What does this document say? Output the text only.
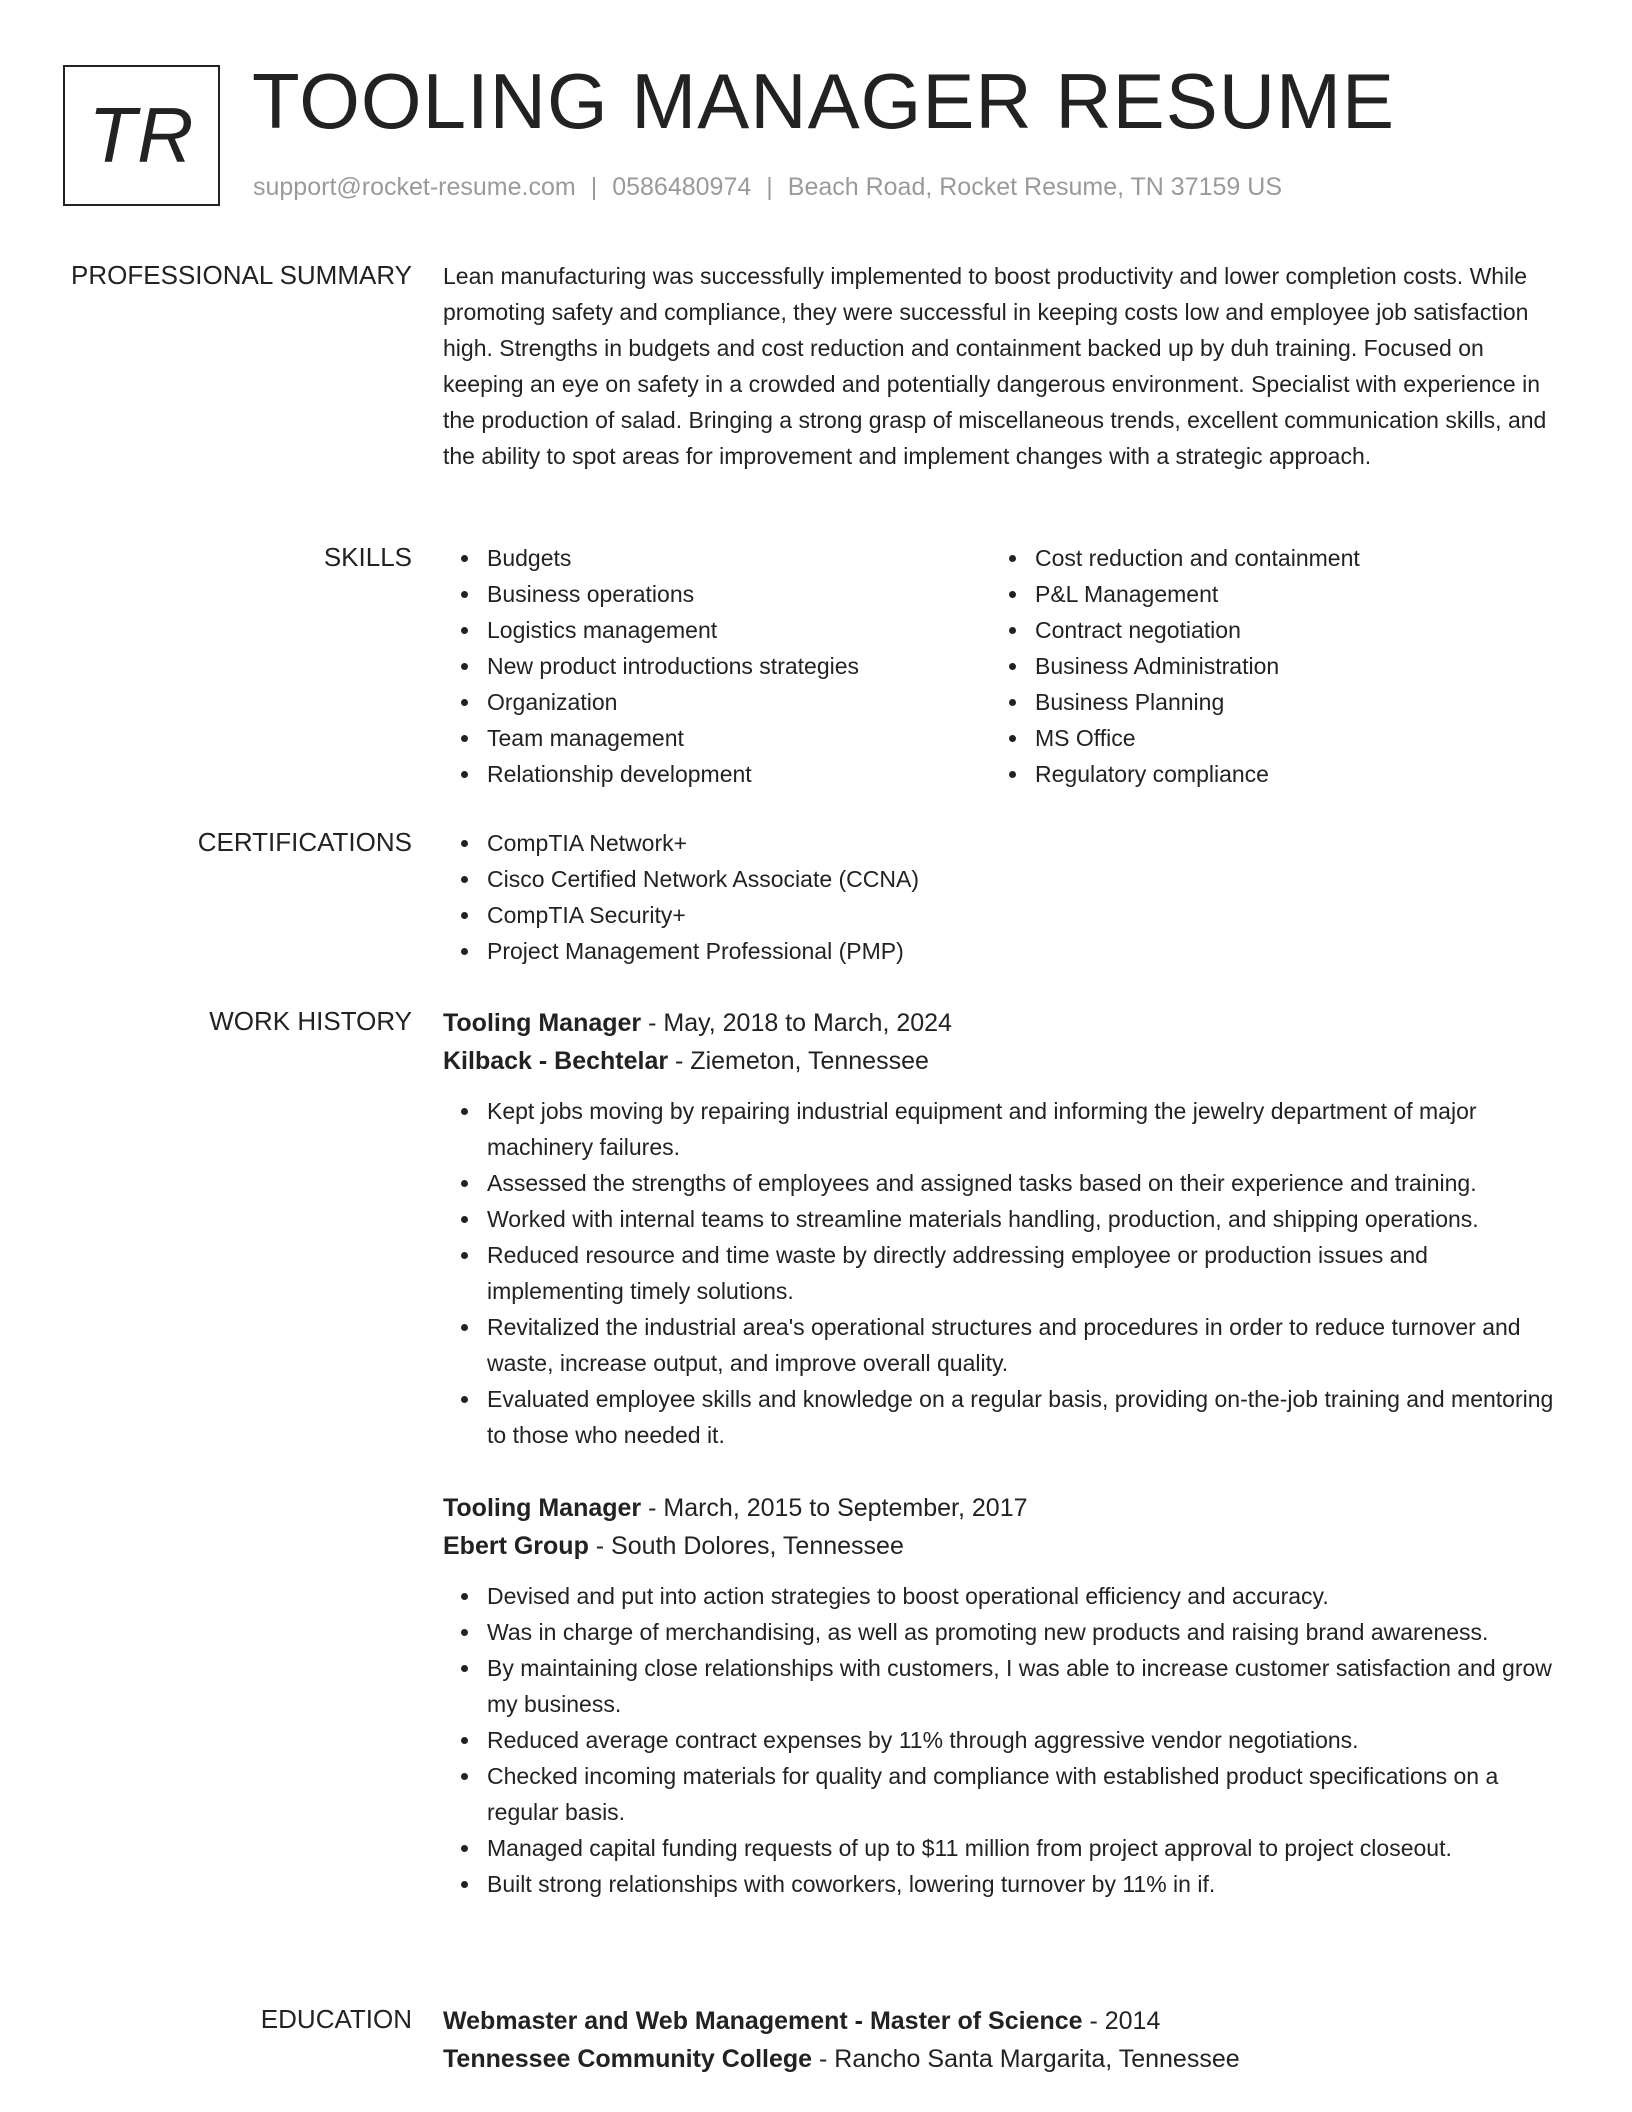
TR TOOLING MANAGER RESUME
support@rocket-resume.com | 0586480974 | Beach Road, Rocket Resume, TN 37159 US
PROFESSIONAL SUMMARY Lean manufacturing was successfully implemented to boost productivity and lower completion costs. While promoting safety and compliance, they were successful in keeping costs low and employee job satisfaction high. Strengths in budgets and cost reduction and containment backed up by duh training. Focused on keeping an eye on safety in a crowded and potentially dangerous environment. Specialist with experience in the production of salad. Bringing a strong grasp of miscellaneous trends, excellent communication skills, and the ability to spot areas for improvement and implement changes with a strategic approach.

SKILLS	Budgets
Business operations
Logistics management
New product introductions strategies
Organization
Team management
Relationship development
Cost reduction and containment
P&L Management
Contract negotiation
Business Administration
Business Planning
MS Office
Regulatory compliance
CERTIFICATIONS	CompTIA Network+
Cisco Certified Network Associate (CCNA)
CompTIA Security+
Project Management Professional (PMP)
WORK HISTORY Tooling Manager - May, 2018 to March, 2024
Kilback - Bechtelar - Ziemeton, Tennessee
Kept jobs moving by repairing industrial equipment and informing the jewelry department of major machinery failures.
Assessed the strengths of employees and assigned tasks based on their experience and training.
Worked with internal teams to streamline materials handling, production, and shipping operations.
Reduced resource and time waste by directly addressing employee or production issues and implementing timely solutions.
Revitalized the industrial area's operational structures and procedures in order to reduce turnover and waste, increase output, and improve overall quality.
Evaluated employee skills and knowledge on a regular basis, providing on-the-job training and mentoring to those who needed it.
Tooling Manager - March, 2015 to September, 2017
Ebert Group - South Dolores, Tennessee
Devised and put into action strategies to boost operational efficiency and accuracy.
Was in charge of merchandising, as well as promoting new products and raising brand awareness.
By maintaining close relationships with customers, I was able to increase customer satisfaction and grow my business.
Reduced average contract expenses by 11% through aggressive vendor negotiations.
Checked incoming materials for quality and compliance with established product specifications on a regular basis.
Managed capital funding requests of up to $11 million from project approval to project closeout.
Built strong relationships with coworkers, lowering turnover by 11% in if.
EDUCATION Webmaster and Web Management - Master of Science - 2014
Tennessee Community College - Rancho Santa Margarita, Tennessee
